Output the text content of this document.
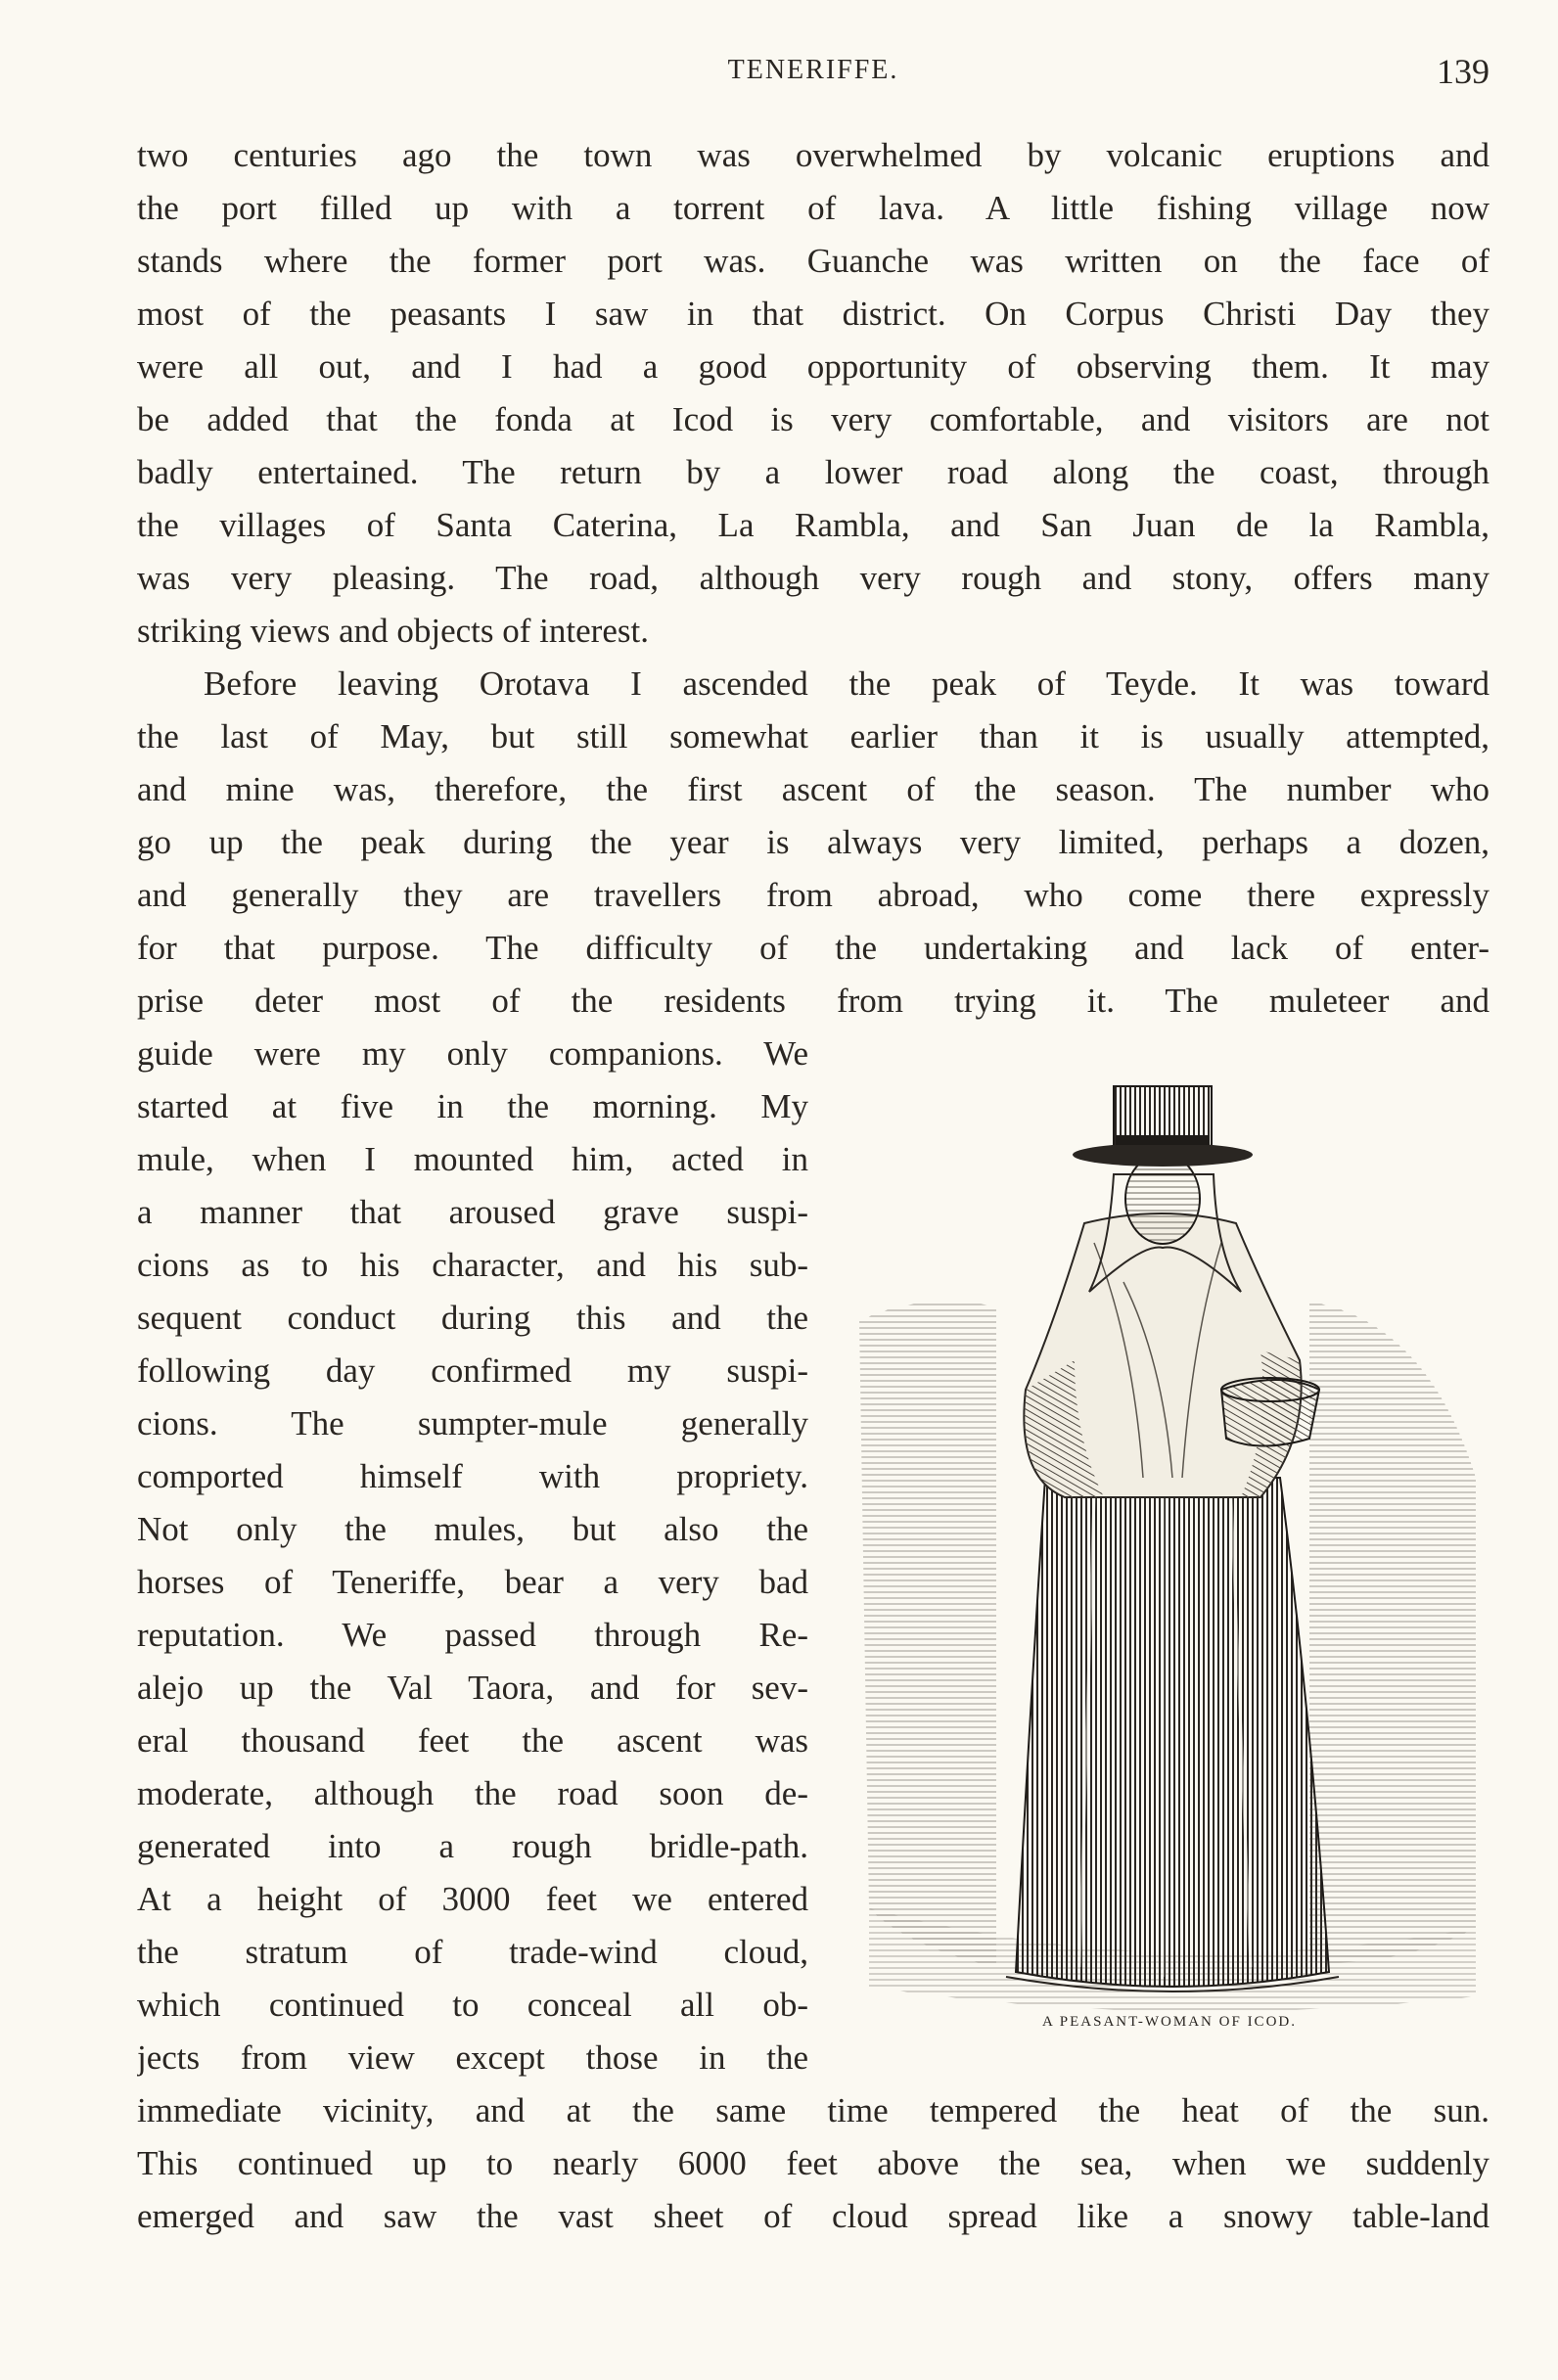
TENERIFFE.	139
two centuries ago the town was overwhelmed by volcanic eruptions and
the port filled up with a torrent of lava. A little fishing village now
stands where the former port was. Guanche was written on the face of
most of the peasants I saw in that district. On Corpus Christi Day they
were all out, and I had a good opportunity of observing them. It may
be added that the fonda at Icod is very comfortable, and visitors are not
badly entertained. The return by a lower road along the coast, through
the villages of Santa Caterina, La Rambla, and San Juan de la Rambla,
was very pleasing. The road, although very rough and stony, offers many
striking views and objects of interest.
Before leaving Orotava I ascended the peak of Teyde. It was toward
the last of May, but still somewhat earlier than it is usually attempted,
and mine was, therefore, the first ascent of the season. The number who
go up the peak during the year is always very limited, perhaps a dozen,
and generally they are travellers from abroad, who come there expressly
for that purpose. The difficulty of the undertaking and lack of enter-
prise deter most of the residents from trying it. The muleteer and
guide were my only companions. We
started at five in the morning. My
mule, when I mounted him, acted in
a manner that aroused grave suspi-
cions as to his character, and his sub-
sequent conduct during this and the
following day confirmed my suspi-
cions. The sumpter-mule generally
comported himself with propriety.
Not only the mules, but also the
horses of Teneriffe, bear a very bad
reputation. We passed through Re-
alejo up the Val Taora, and for sev-
eral thousand feet the ascent was
moderate, although the road soon de-
generated into a rough bridle-path.
At a height of 3000 feet we entered
the stratum of trade-wind cloud,
which continued to conceal all ob-
jects from view except those in the
immediate vicinity, and at the same time tempered the heat of the sun.
This continued up to nearly 6000 feet above the sea, when we suddenly
emerged and saw the vast sheet of cloud spread like a snowy table-land
A PEASANT-WOMAN OF ICOD.
